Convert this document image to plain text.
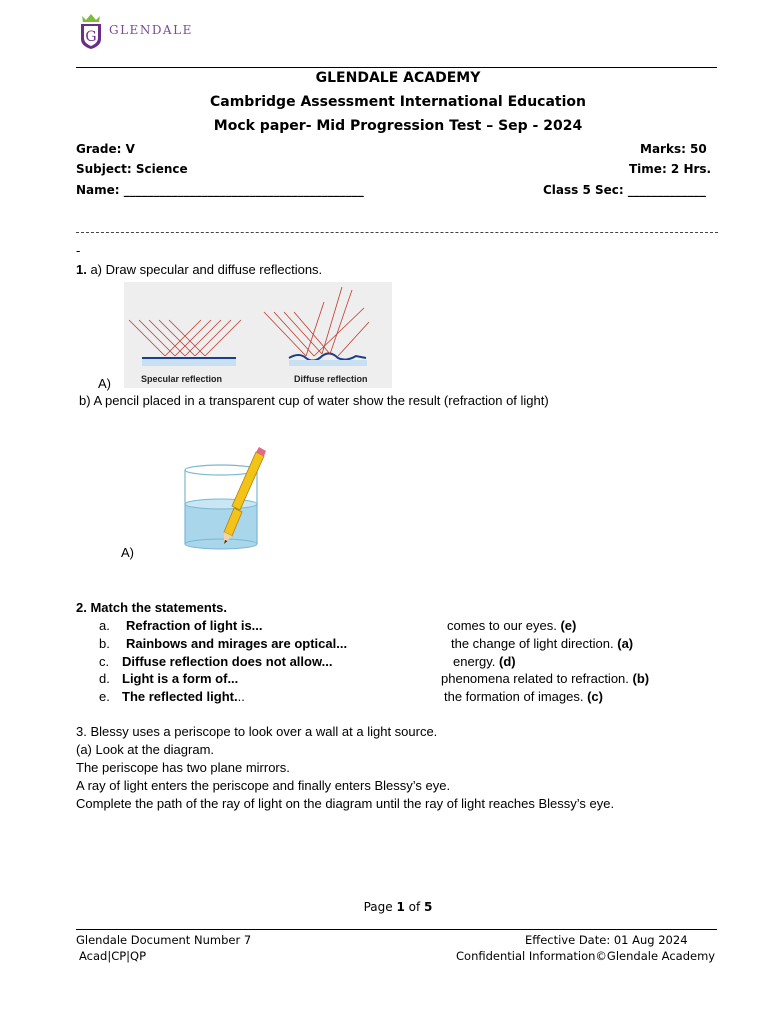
G GLENDALE
GLENDALE ACADEMY
Cambridge Assessment International Education
Mock paper- Mid Progression Test – Sep - 2024
Grade: V	Marks: 50
Subject: Science	Time: 2 Hrs.
Name: ________________________________________	Class 5 Sec: _____________
-
1. a) Draw specular and diffuse reflections.
Specular reflection	Diffuse reflection
A)
b) A pencil placed in a transparent cup of water show the result (refraction of light)
A)
2. Match the statements.
a. Refraction of light is...	comes to our eyes. (e)
b. Rainbows and mirages are optical...	the change of light direction. (a)
c. Diffuse reflection does not allow...	energy. (d)
d. Light is a form of...	phenomena related to refraction. (b)
e. The reflected light...	the formation of images. (c)
3. Blessy uses a periscope to look over a wall at a light source.
(a) Look at the diagram.
The periscope has two plane mirrors.
A ray of light enters the periscope and finally enters Blessy’s eye.
Complete the path of the ray of light on the diagram until the ray of light reaches Blessy’s eye.
Page 1 of 5
Glendale Document Number 7	Effective Date: 01 Aug 2024
Acad|CP|QP	Confidential Information©Glendale Academy
